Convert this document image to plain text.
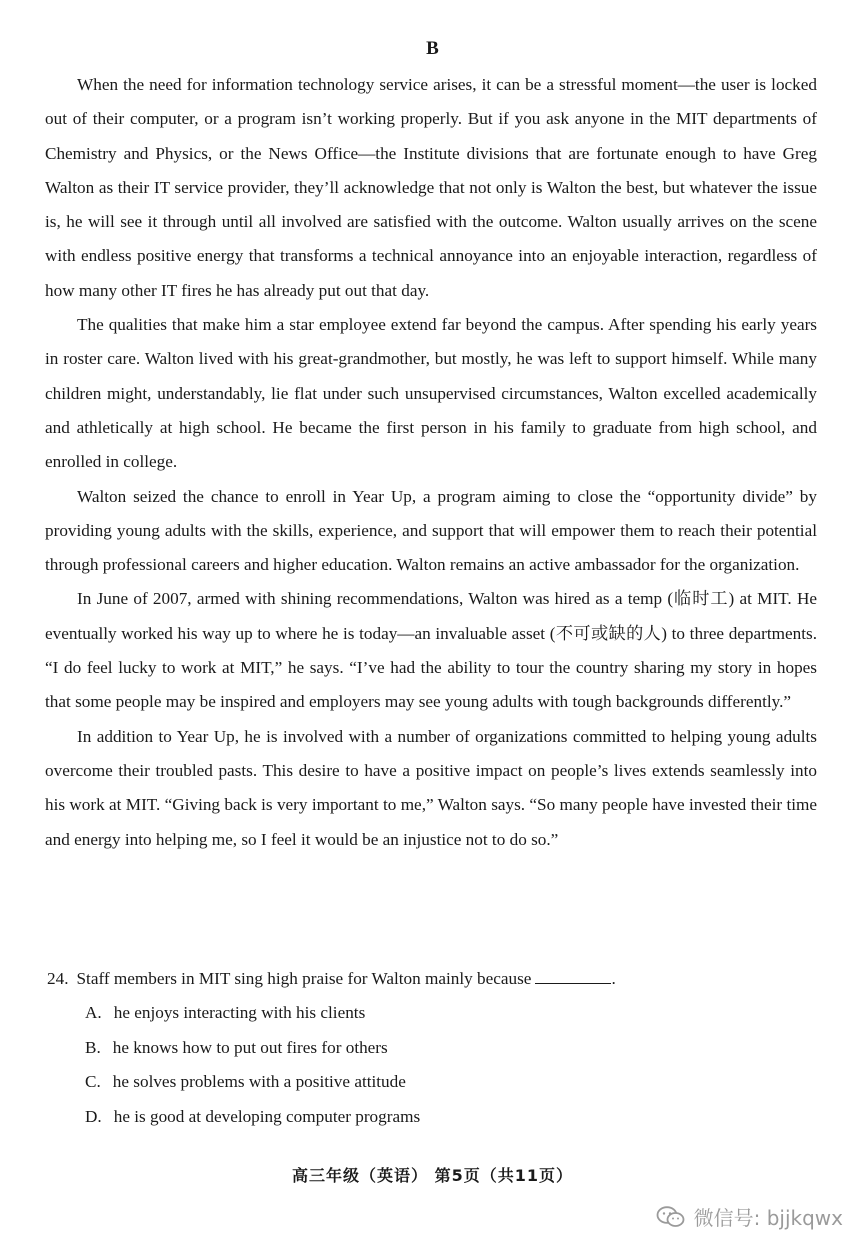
B

When the need for information technology service arises, it can be a stressful moment—the user is locked out of their computer, or a program isn’t working properly. But if you ask anyone in the MIT departments of Chemistry and Physics, or the News Office—the Institute divisions that are fortunate enough to have Greg Walton as their IT service provider, they’ll acknowledge that not only is Walton the best, but whatever the issue is, he will see it through until all involved are satisfied with the outcome. Walton usually arrives on the scene with endless positive energy that transforms a technical annoyance into an enjoyable interaction, regardless of how many other IT fires he has already put out that day.

The qualities that make him a star employee extend far beyond the campus. After spending his early years in roster care. Walton lived with his great-grandmother, but mostly, he was left to support himself. While many children might, understandably, lie flat under such unsupervised circumstances, Walton excelled academically and athletically at high school. He became the first person in his family to graduate from high school, and enrolled in college.

Walton seized the chance to enroll in Year Up, a program aiming to close the “opportunity divide” by providing young adults with the skills, experience, and support that will empower them to reach their potential through professional careers and higher education. Walton remains an active ambassador for the organization.

In June of 2007, armed with shining recommendations, Walton was hired as a temp (临时工) at MIT. He eventually worked his way up to where he is today—an invaluable asset (不可或缺的人) to three departments. “I do feel lucky to work at MIT,” he says. “I’ve had the ability to tour the country sharing my story in hopes that some people may be inspired and employers may see young adults with tough backgrounds differently.”

In addition to Year Up, he is involved with a number of organizations committed to helping young adults overcome their troubled pasts. This desire to have a positive impact on people’s lives extends seamlessly into his work at MIT. “Giving back is very important to me,” Walton says. “So many people have invested their time and energy into helping me, so I feel it would be an injustice not to do so.”

24. Staff members in MIT sing high praise for Walton mainly because	.
A. he enjoys interacting with his clients
B. he knows how to put out fires for others
C. he solves problems with a positive attitude
D. he is good at developing computer programs
高三年级（英语） 第5页（共11页）
微信号: bjjkqwx
